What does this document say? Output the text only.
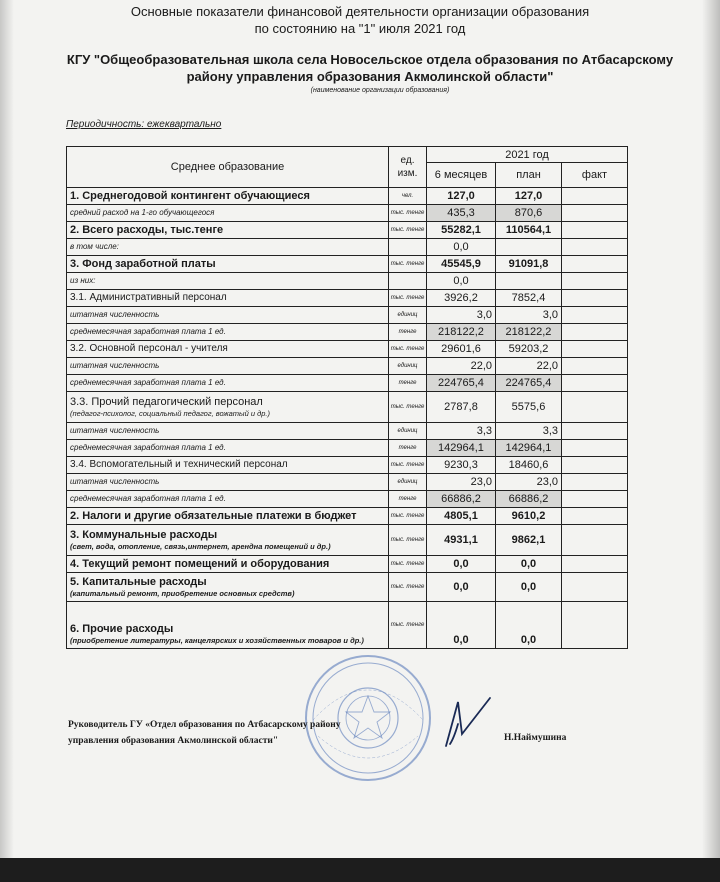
Основные показатели финансовой деятельности организации образования
по состоянию на "1" июля 2021 год
КГУ "Общеобразовательная школа села Новосельское отдела образования по Атбасарскому
району управления образования Акмолинской области"
(наименование организации образования)
Периодичность: ежеквартально
Среднее образование	ед. изм.	2021 год		
		6 месяцев	план	факт
1. Среднегодовой контингент обучающиеся	чел.	127,0	127,0	
средний расход на 1-го обучающегося	тыс. тенге	435,3	870,6	
2. Всего расходы, тыс.тенге	тыс. тенге	55282,1	110564,1	
в том числе:		0,0		
3. Фонд заработной платы	тыс. тенге	45545,9	91091,8	
из них:		0,0		
3.1. Административный персонал	тыс. тенге	3926,2	7852,4	
штатная численность	единиц	3,0	3,0	
среднемесячная заработная плата 1 ед.	тенге	218122,2	218122,2	
3.2. Основной персонал - учителя	тыс. тенге	29601,6	59203,2	
штатная численность	единиц	22,0	22,0	
среднемесячная заработная плата 1 ед.	тенге	224765,4	224765,4	

3.3. Прочий педагогический персонал
(педагог-психолог, социальный педагог, вожатый и др.)	тыс. тенге	2787,8	5575,6	
штатная численность	единиц	3,3	3,3	
среднемесячная заработная плата 1 ед.	тенге	142964,1	142964,1	
3.4. Вспомогательный и технический персонал	тыс. тенге	9230,3	18460,6	
штатная численность	единиц	23,0	23,0	
среднемесячная заработная плата 1 ед.	тенге	66886,2	66886,2	
2. Налоги и другие обязательные платежи в бюджет	тыс. тенге	4805,1	9610,2	

3. Коммунальные расходы
(свет, вода, отопление, связь,интернет, арендна помещений и др.)	тыс. тенге	4931,1	9862,1	
4. Текущий ремонт помещений и оборудования	тыс. тенге	0,0	0,0	

5. Капитальные расходы
(капитальный ремонт, приобретение основных средств)	тыс. тенге	0,0	0,0	

6. Прочие расходы
(приобретение литературы, канцелярских и хозяйственных товаров и др.)	тыс. тенге	0,0	0,0	
Руководитель ГУ «Отдел образования по Атбасарскому району
управления образования Акмолинской области"	Н.Наймушина
